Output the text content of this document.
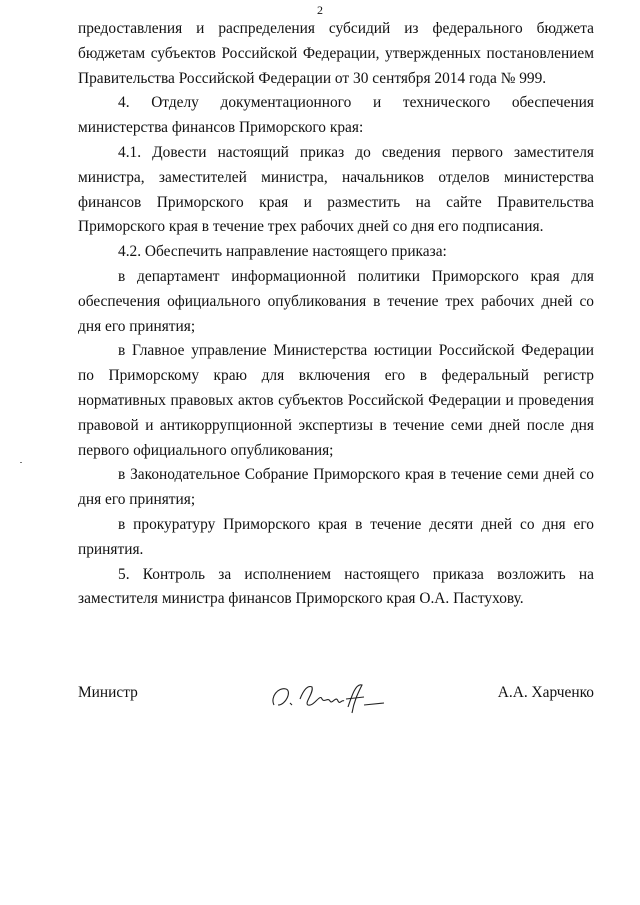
2

предоставления и распределения субсидий из федерального бюджета бюджетам субъектов Российской Федерации, утвержденных постановлением Правительства Российской Федерации от 30 сентября 2014 года № 999.

4. Отделу документационного и технического обеспечения министерства финансов Приморского края:

4.1. Довести настоящий приказ до сведения первого заместителя министра, заместителей министра, начальников отделов министерства финансов Приморского края и разместить на сайте Правительства Приморского края в течение трех рабочих дней со дня его подписания.

4.2. Обеспечить направление настоящего приказа:

в департамент информационной политики Приморского края для обеспечения официального опубликования в течение трех рабочих дней со дня его принятия;

в Главное управление Министерства юстиции Российской Федерации по Приморскому краю для включения его в федеральный регистр нормативных правовых актов субъектов Российской Федерации и проведения правовой и антикоррупционной экспертизы в течение семи дней после дня первого официального опубликования;

в Законодательное Собрание Приморского края в течение семи дней со дня его принятия;

в прокуратуру Приморского края в течение десяти дней со дня его принятия.

5. Контроль за исполнением настоящего приказа возложить на заместителя министра финансов Приморского края О.А. Пастухову.

Министр	А.А. Харченко
